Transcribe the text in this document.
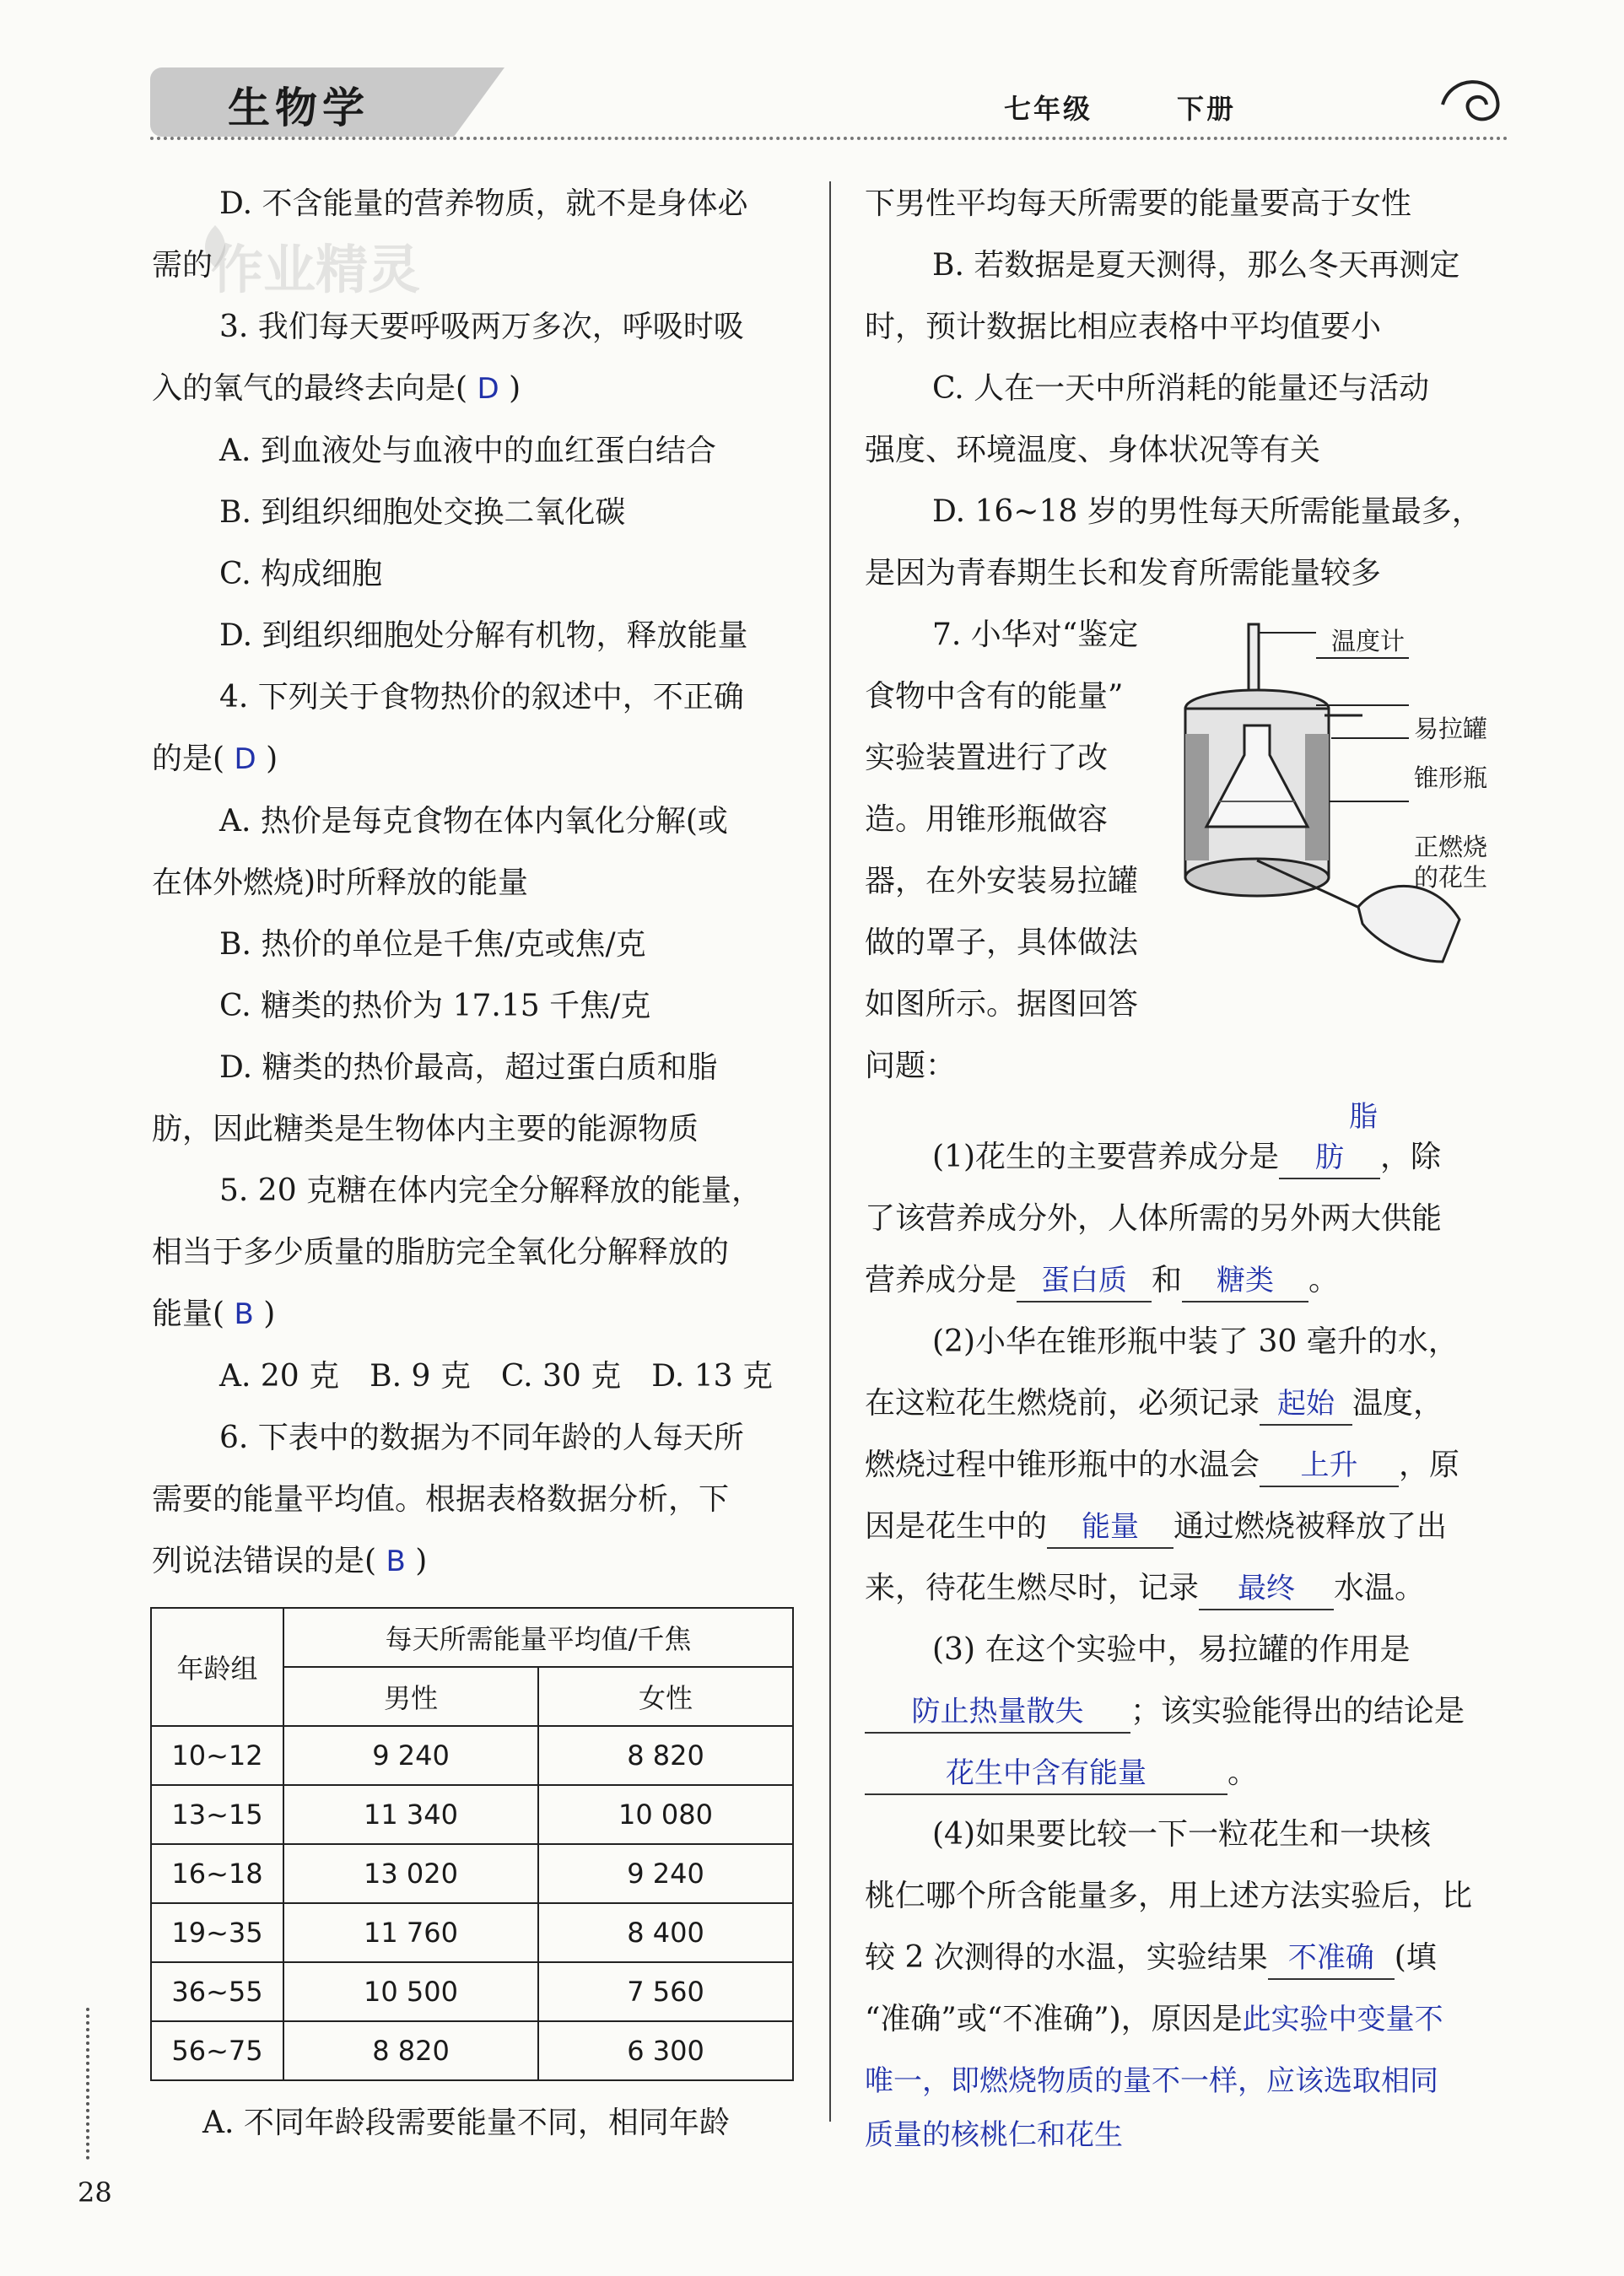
生物学	七年级	下册
作业精灵

D. 不含能量的营养物质，就不是身体必

需的

3. 我们每天要呼吸两万多次，呼吸时吸

入的氧气的最终去向是( D )

A. 到血液处与血液中的血红蛋白结合

B. 到组织细胞处交换二氧化碳

C. 构成细胞

D. 到组织细胞处分解有机物，释放能量

4. 下列关于食物热价的叙述中，不正确

的是( D )

A. 热价是每克食物在体内氧化分解(或

在体外燃烧)时所释放的能量

B. 热价的单位是千焦/克或焦/克

C. 糖类的热价为 17.15 千焦/克

D. 糖类的热价最高，超过蛋白质和脂

肪，因此糖类是生物体内主要的能源物质

5. 20 克糖在体内完全分解释放的能量，

相当于多少质量的脂肪完全氧化分解释放的

能量( B )

A. 20 克　B. 9 克　C. 30 克　D. 13 克

6. 下表中的数据为不同年龄的人每天所

需要的能量平均值。根据表格数据分析，下

列说法错误的是( B )

年龄组	每天所需能量平均值/千焦	
	男性	女性
10~12	9 240	8 820
13~15	11 340	10 080
16~18	13 020	9 240
19~35	11 760	8 400
36~55	10 500	7 560
56~75	8 820	6 300
A. 不同年龄段需要能量不同，相同年龄

下男性平均每天所需要的能量要高于女性

B. 若数据是夏天测得，那么冬天再测定

时，预计数据比相应表格中平均值要小

C. 人在一天中所消耗的能量还与活动

强度、环境温度、身体状况等有关

D. 16~18 岁的男性每天所需能量最多，

是因为青春期生长和发育所需能量较多

7. 小华对“鉴定

食物中含有的能量”

实验装置进行了改

造。用锥形瓶做容

器，在外安装易拉罐

做的罩子，具体做法

如图所示。据图回答

问题：

(1)花生的主要营养成分是脂肪 ，除

了该营养成分外，人体所需的另外两大供能

营养成分是 蛋白质 和 糖类 。

(2)小华在锥形瓶中装了 30 毫升的水，

在这粒花生燃烧前，必须记录 起始 温度，

燃烧过程中锥形瓶中的水温会 上升 ，原

因是花生中的 能量 通过燃烧被释放了出

来，待花生燃尽时，记录 最终 水温。

(3) 在这个实验中，易拉罐的作用是

防止热量散失 ；该实验能得出的结论是

花生中含有能量	。

(4)如果要比较一下一粒花生和一块核

桃仁哪个所含能量多，用上述方法实验后，比

较 2 次测得的水温，实验结果 不准确 (填

“准确”或“不准确”)，原因是此实验中变量不

唯一，即燃烧物质的量不一样，应该选取相同

质量的核桃仁和花生

温度计
易拉罐
锥形瓶
正燃烧
的花生
28
